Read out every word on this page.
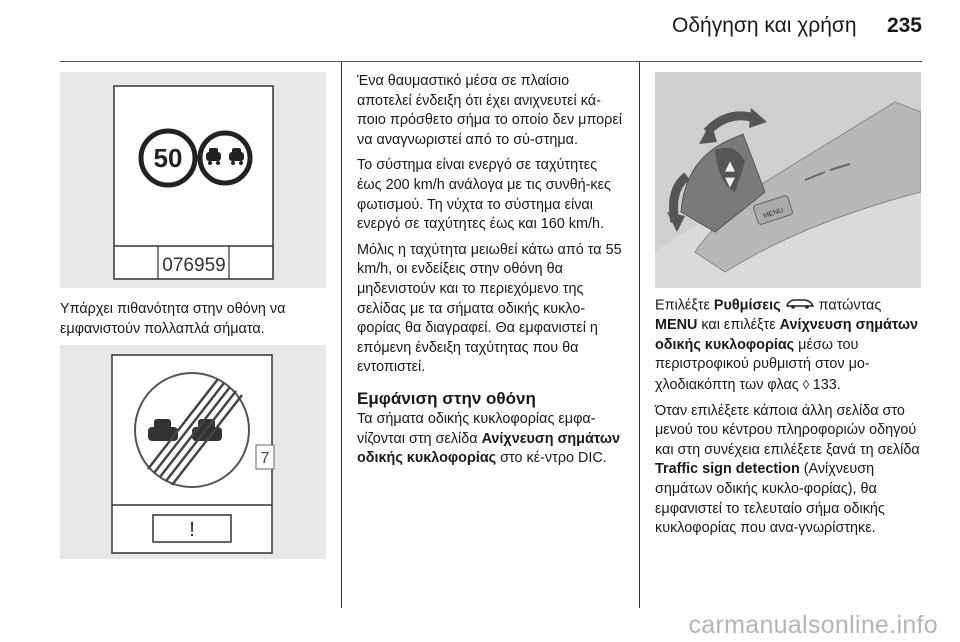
Οδήγηση και χρήση 235
50
076959
Υπάρχει πιθανότητα στην οθόνη να εμφανιστούν πολλαπλά σήματα.
!
7

Ένα θαυμαστικό μέσα σε πλαίσιο αποτελεί ένδειξη ότι έχει ανιχνευτεί κά-ποιο πρόσθετο σήμα το οποίο δεν μπορεί να αναγνωριστεί από το σύ-στημα.

Το σύστημα είναι ενεργό σε ταχύτητες έως 200 km/h ανάλογα με τις συνθή-κες φωτισμού. Τη νύχτα το σύστημα είναι ενεργό σε ταχύτητες έως και 160 km/h.

Μόλις η ταχύτητα μειωθεί κάτω από τα 55 km/h, οι ενδείξεις στην οθόνη θα μηδενιστούν και το περιεχόμενο της σελίδας με τα σήματα οδικής κυκλο-φορίας θα διαγραφεί. Θα εμφανιστεί η επόμενη ένδειξη ταχύτητας που θα εντοπιστεί.

Εμφάνιση στην οθόνη

Τα σήματα οδικής κυκλοφορίας εμφα-νίζονται στη σελίδα Ανίχνευση σημάτων οδικής κυκλοφορίας στο κέ-ντρο DIC.

▲
▼
MENU

Επιλέξτε Ρυθμίσεις  πατώντας
MENU και επιλέξτε Ανίχνευση σημάτων οδικής κυκλοφορίας μέσω του περιστροφικού ρυθμιστή στον μο-χλοδιακόπτη των φλας ◊ 133.

Όταν επιλέξετε κάποια άλλη σελίδα στο μενού του κέντρου πληροφοριών οδηγού και στη συνέχεια επιλέξετε ξανά τη σελίδα Traffic sign detection (Ανίχνευση σημάτων οδικής κυκλο-φορίας), θα εμφανιστεί το τελευταίο σήμα οδικής κυκλοφορίας που ανα-γνωρίστηκε.

carmanualsonline.info
